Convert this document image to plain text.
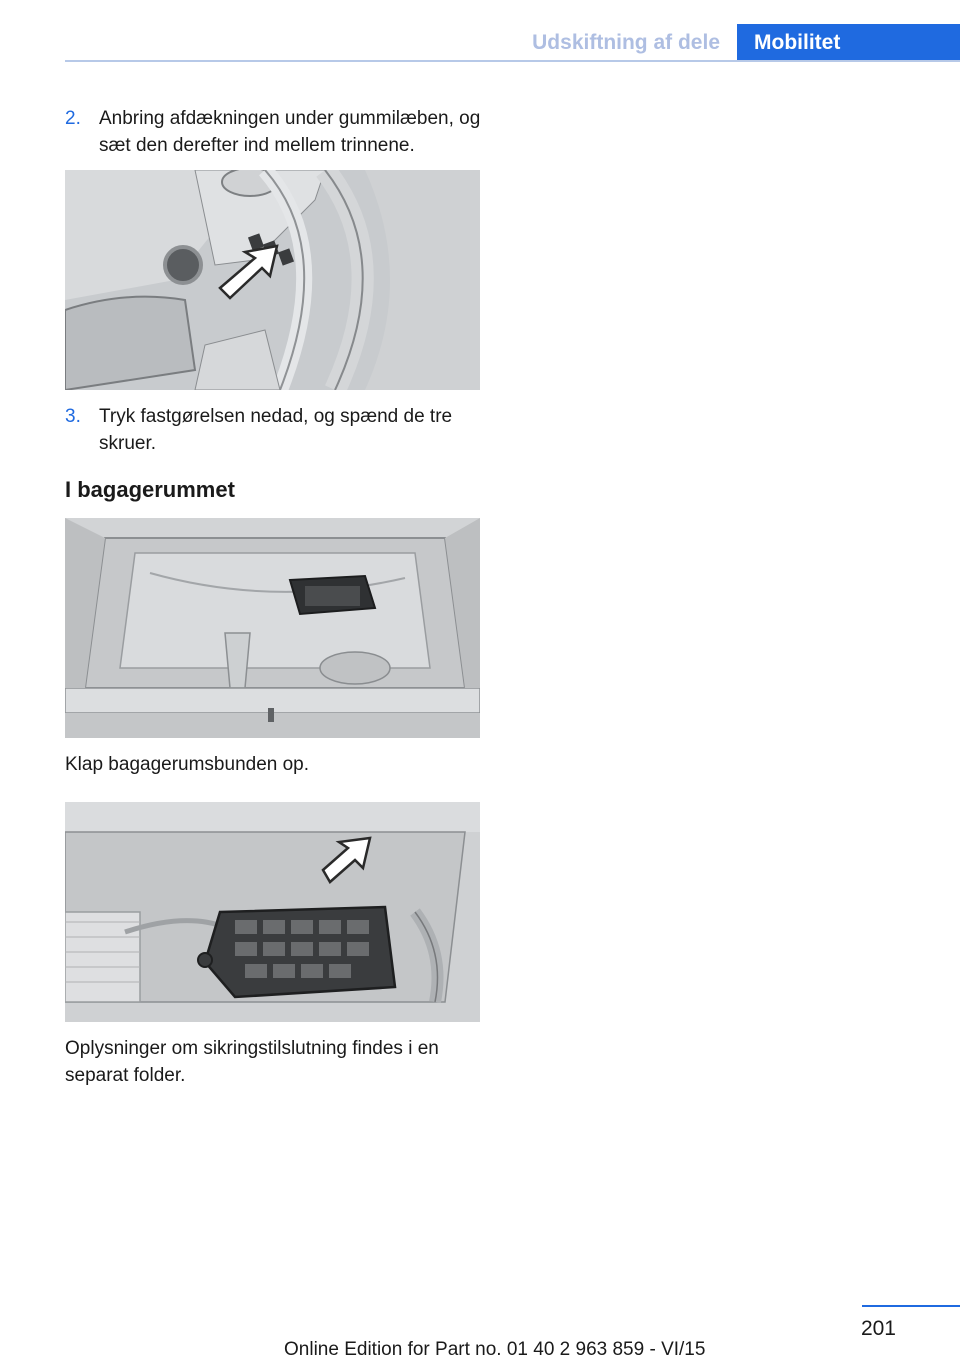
Udskiftning af dele Mobilitet
2. Anbring afdækningen under gummilæben, og sæt den derefter ind mellem trinnene.
3. Tryk fastgørelsen nedad, og spænd de tre skruer.
I bagagerummet
Klap bagagerumsbunden op.
Oplysninger om sikringstilslutning findes i en separat folder.
201
Online Edition for Part no. 01 40 2 963 859 - VI/15
